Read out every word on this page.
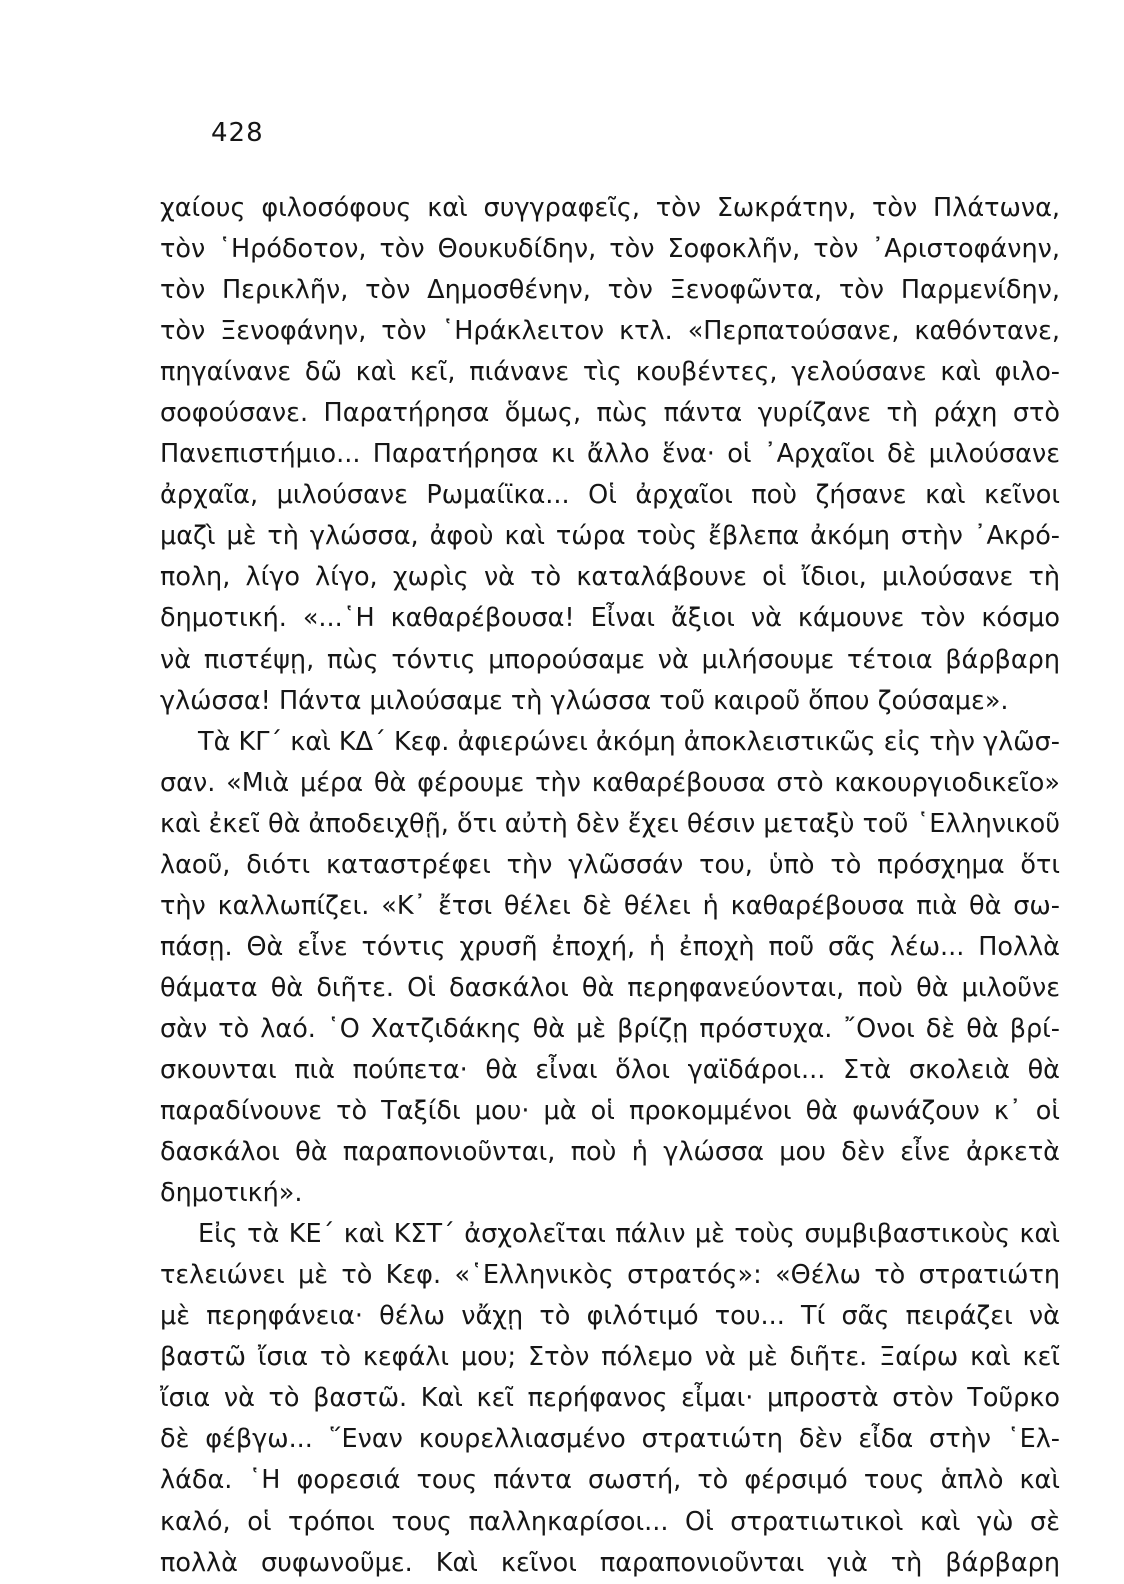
428
χαίους φιλοσόφους καὶ συγγραφεῖς, τὸν Σωκράτην, τὸν Πλάτωνα,
τὸν ῾Ηρόδοτον, τὸν Θουκυδίδην, τὸν Σοφοκλῆν, τὸν ᾿Αριστοφάνην,
τὸν Περικλῆν, τὸν Δημοσθένην, τὸν Ξενοφῶντα, τὸν Παρμενίδην,
τὸν Ξενοφάνην, τὸν ῾Ηράκλειτον κτλ. «Περπατούσανε, καθόντανε,
πηγαίνανε δῶ καὶ κεῖ, πιάνανε τὶς κουβέντες, γελούσανε καὶ φιλο-
σοφούσανε. Παρατήρησα ὅμως, πὼς πάντα γυρίζανε τὴ ράχη στὸ
Πανεπιστήμιο... Παρατήρησα κι ἄλλο ἕνα· οἱ ᾿Αρχαῖοι δὲ μιλούσανε
ἀρχαῖα, μιλούσανε Ρωμαίϊκα... Οἱ ἀρχαῖοι ποὺ ζήσανε καὶ κεῖνοι
μαζὶ μὲ τὴ γλώσσα, ἀφοὺ καὶ τώρα τοὺς ἔβλεπα ἀκόμη στὴν ᾿Ακρό-
πολη, λίγο λίγο, χωρὶς νὰ τὸ καταλάβουνε οἱ ἴδιοι, μιλούσανε τὴ
δημοτική. «...῾Η καθαρέβουσα! Εἶναι ἄξιοι νὰ κάμουνε τὸν κόσμο
νὰ πιστέψῃ, πὼς τόντις μπορούσαμε νὰ μιλήσουμε τέτοια βάρβαρη
γλώσσα! Πάντα μιλούσαμε τὴ γλώσσα τοῦ καιροῦ ὅπου ζούσαμε».
Τὰ ΚΓ΄ καὶ ΚΔ΄ Κεφ. ἀφιερώνει ἀκόμη ἀποκλειστικῶς εἰς τὴν γλῶσ-
σαν. «Μιὰ μέρα θὰ φέρουμε τὴν καθαρέβουσα στὸ κακουργιοδικεῖο»
καὶ ἐκεῖ θὰ ἀποδειχθῇ, ὅτι αὐτὴ δὲν ἔχει θέσιν μεταξὺ τοῦ ῾Ελληνικοῦ
λαοῦ, διότι καταστρέφει τὴν γλῶσσάν του, ὑπὸ τὸ πρόσχημα ὅτι
τὴν καλλωπίζει. «Κ᾿ ἔτσι θέλει δὲ θέλει ἡ καθαρέβουσα πιὰ θὰ σω-
πάσῃ. Θὰ εἶνε τόντις χρυσῆ ἐποχή, ἡ ἐποχὴ ποῦ σᾶς λέω... Πολλὰ
θάματα θὰ διῆτε. Οἱ δασκάλοι θὰ περηφανεύονται, ποὺ θὰ μιλοῦνε
σὰν τὸ λαό. ῾Ο Χατζιδάκης θὰ μὲ βρίζῃ πρόστυχα. ῎Ονοι δὲ θὰ βρί-
σκουνται πιὰ πούπετα· θὰ εἶναι ὅλοι γαϊδάροι... Στὰ σκολειὰ θὰ
παραδίνουνε τὸ Ταξίδι μου· μὰ οἱ προκομμένοι θὰ φωνάζουν κ᾿ οἱ
δασκάλοι θὰ παραπονιοῦνται, ποὺ ἡ γλώσσα μου δὲν εἶνε ἀρκετὰ
δημοτική».
Εἰς τὰ ΚΕ΄ καὶ ΚΣΤ΄ ἀσχολεῖται πάλιν μὲ τοὺς συμβιβαστικοὺς καὶ
τελειώνει μὲ τὸ Κεφ. «῾Ελληνικὸς στρατός»: «Θέλω τὸ στρατιώτη
μὲ περηφάνεια· θέλω νἄχῃ τὸ φιλότιμό του... Τί σᾶς πειράζει νὰ
βαστῶ ἴσια τὸ κεφάλι μου; Στὸν πόλεμο νὰ μὲ διῆτε. Ξαίρω καὶ κεῖ
ἴσια νὰ τὸ βαστῶ. Καὶ κεῖ περήφανος εἶμαι· μπροστὰ στὸν Τοῦρκο
δὲ φέβγω... ῞Εναν κουρελλιασμένο στρατιώτη δὲν εἶδα στὴν ῾Ελ-
λάδα. ῾Η φορεσιά τους πάντα σωστή, τὸ φέρσιμό τους ἁπλὸ καὶ
καλό, οἱ τρόποι τους παλληκαρίσοι... Οἱ στρατιωτικοὶ καὶ γὼ σὲ
πολλὰ συφωνοῦμε. Καὶ κεῖνοι παραπονιοῦνται γιὰ τὴ βάρβαρη
